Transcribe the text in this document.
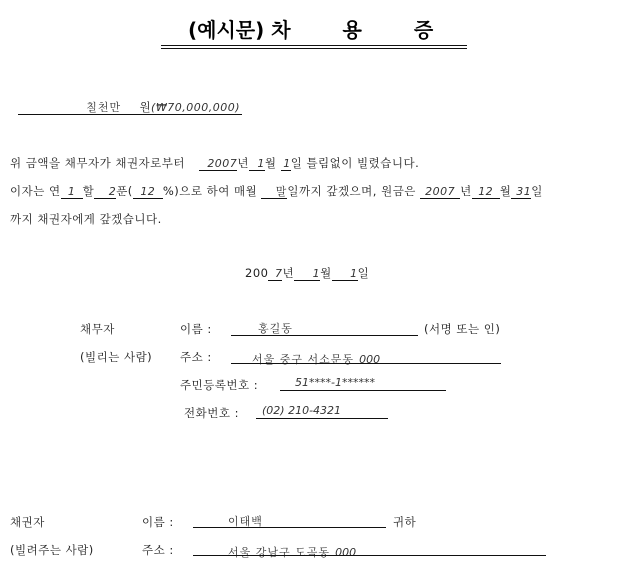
(예시문) 차	용	증
칠천만 원(₩70,000,000)
위 금액을 채무자가 채권자로부터 2007년 1월 1일 틀림없이 빌렸습니다.
이자는 연 1 할 2푼( 12 %)으로 하여 매월 말일까지 갚겠으며, 원금은 2007 년 12 월 31일
까지 채권자에게 갚겠습니다.
200 7년 1월 1일
채무자
(빌리는 사람)
이름 :	홍길동	(서명 또는 인)
주소 :	서울 중구 서소문동 000
주민등록번호 :	51****-1******
전화번호 : (02) 210-4321
채권자
(빌려주는 사람)
이름 :	이태백	귀하
주소 :	서울 강남구 도곡동 000
